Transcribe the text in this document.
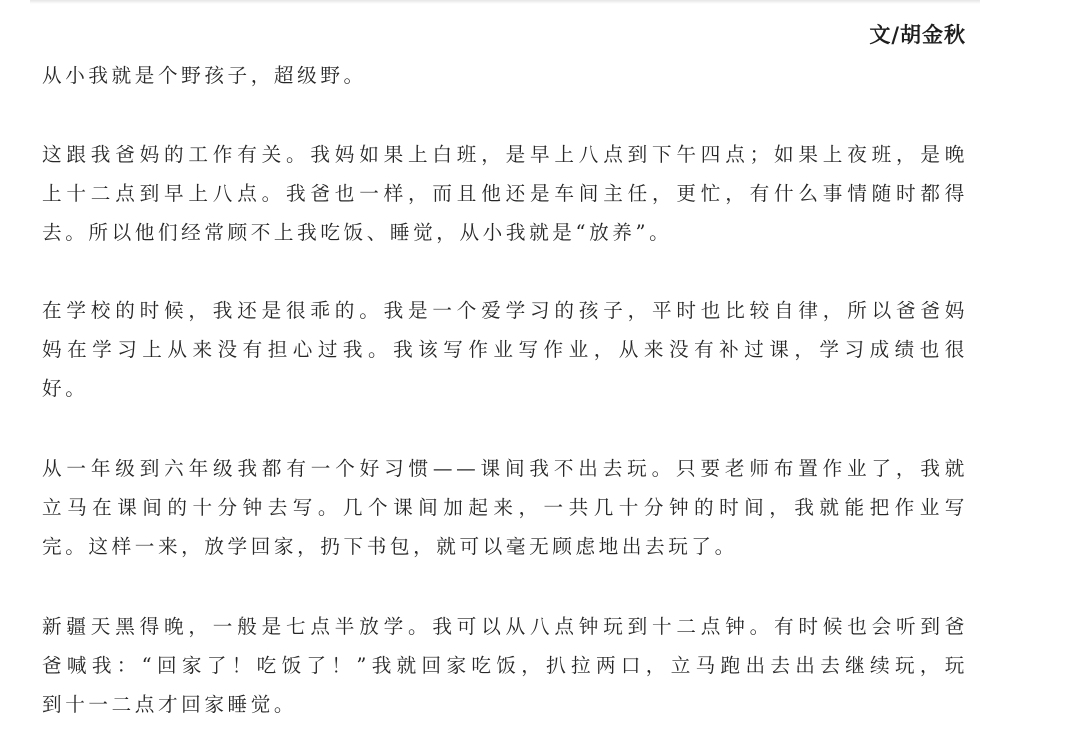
文/胡金秋

从小我就是个野孩子，超级野。

这跟我爸妈的工作有关。我妈如果上白班，是早上八点到下午四点；如果上夜班，是晚
上十二点到早上八点。我爸也一样，而且他还是车间主任，更忙，有什么事情随时都得
去。所以他们经常顾不上我吃饭、睡觉，从小我就是“放养”。

在学校的时候，我还是很乖的。我是一个爱学习的孩子，平时也比较自律，所以爸爸妈
妈在学习上从来没有担心过我。我该写作业写作业，从来没有补过课，学习成绩也很
好。

从一年级到六年级我都有一个好习惯——课间我不出去玩。只要老师布置作业了，我就
立马在课间的十分钟去写。几个课间加起来，一共几十分钟的时间，我就能把作业写
完。这样一来，放学回家，扔下书包，就可以毫无顾虑地出去玩了。

新疆天黑得晚，一般是七点半放学。我可以从八点钟玩到十二点钟。有时候也会听到爸
爸喊我：“回家了！吃饭了！”我就回家吃饭，扒拉两口，立马跑出去出去继续玩，玩
到十一二点才回家睡觉。
